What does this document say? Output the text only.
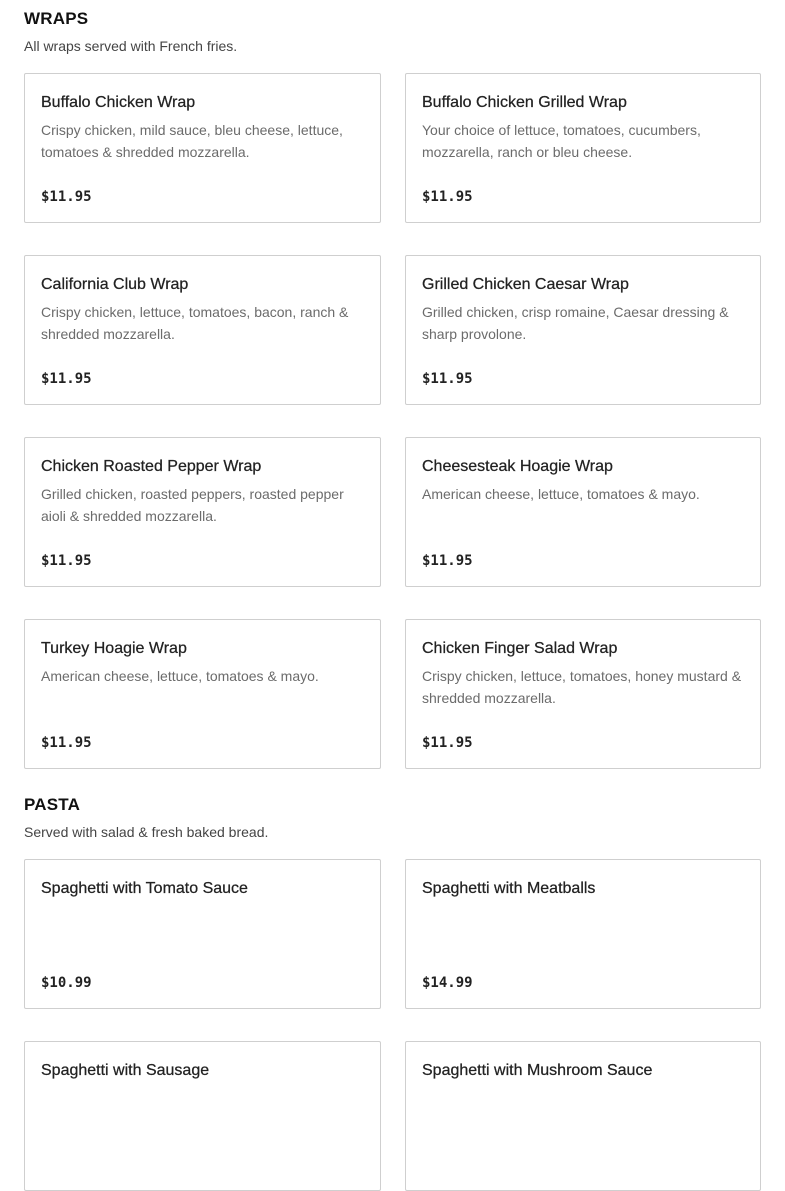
WRAPS

All wraps served with French fries.

Buffalo Chicken Wrap
Crispy chicken, mild sauce, bleu cheese, lettuce, tomatoes & shredded mozzarella.
$11.95
Buffalo Chicken Grilled Wrap
Your choice of lettuce, tomatoes, cucumbers, mozzarella, ranch or bleu cheese.
$11.95
California Club Wrap
Crispy chicken, lettuce, tomatoes, bacon, ranch & shredded mozzarella.
$11.95
Grilled Chicken Caesar Wrap
Grilled chicken, crisp romaine, Caesar dressing & sharp provolone.
$11.95
Chicken Roasted Pepper Wrap
Grilled chicken, roasted peppers, roasted pepper aioli & shredded mozzarella.
$11.95
Cheesesteak Hoagie Wrap
American cheese, lettuce, tomatoes & mayo.
$11.95
Turkey Hoagie Wrap
American cheese, lettuce, tomatoes & mayo.
$11.95
Chicken Finger Salad Wrap
Crispy chicken, lettuce, tomatoes, honey mustard & shredded mozzarella.
$11.95
PASTA

Served with salad & fresh baked bread.

Spaghetti with Tomato Sauce
$10.99
Spaghetti with Meatballs
$14.99
Spaghetti with Sausage	Spaghetti with Mushroom Sauce
